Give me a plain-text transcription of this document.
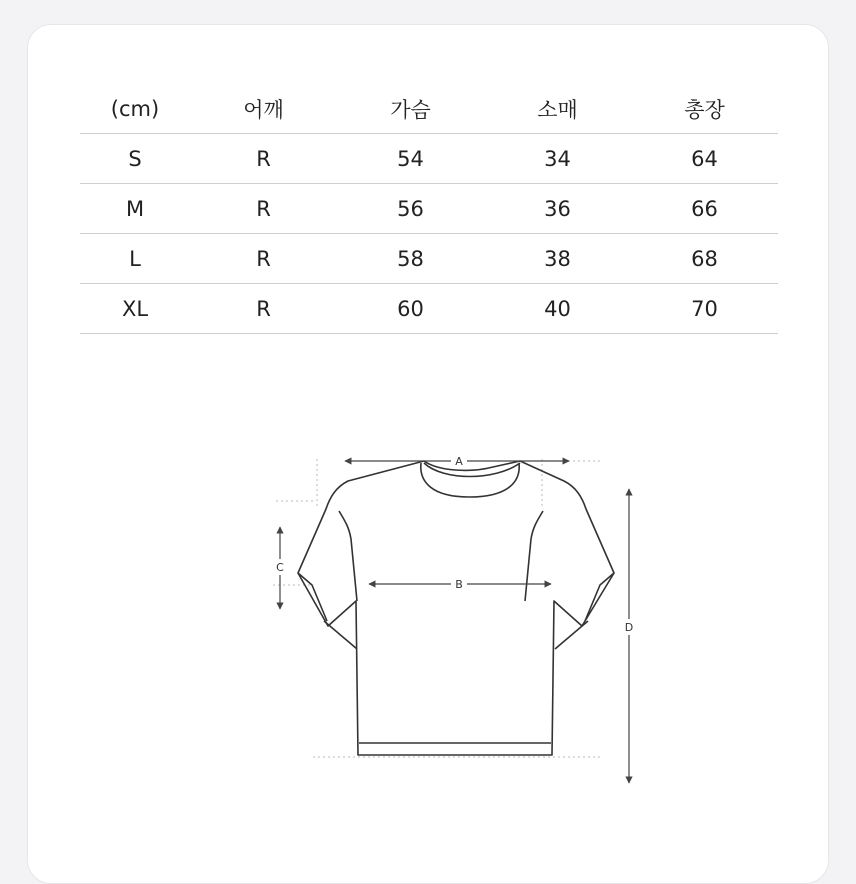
(cm)	어깨	가슴	소매	총장
S	R	54	34	64
M	R	56	36	66
L	R	58	38	68
XL	R	60	40	70
A
B
C
D
